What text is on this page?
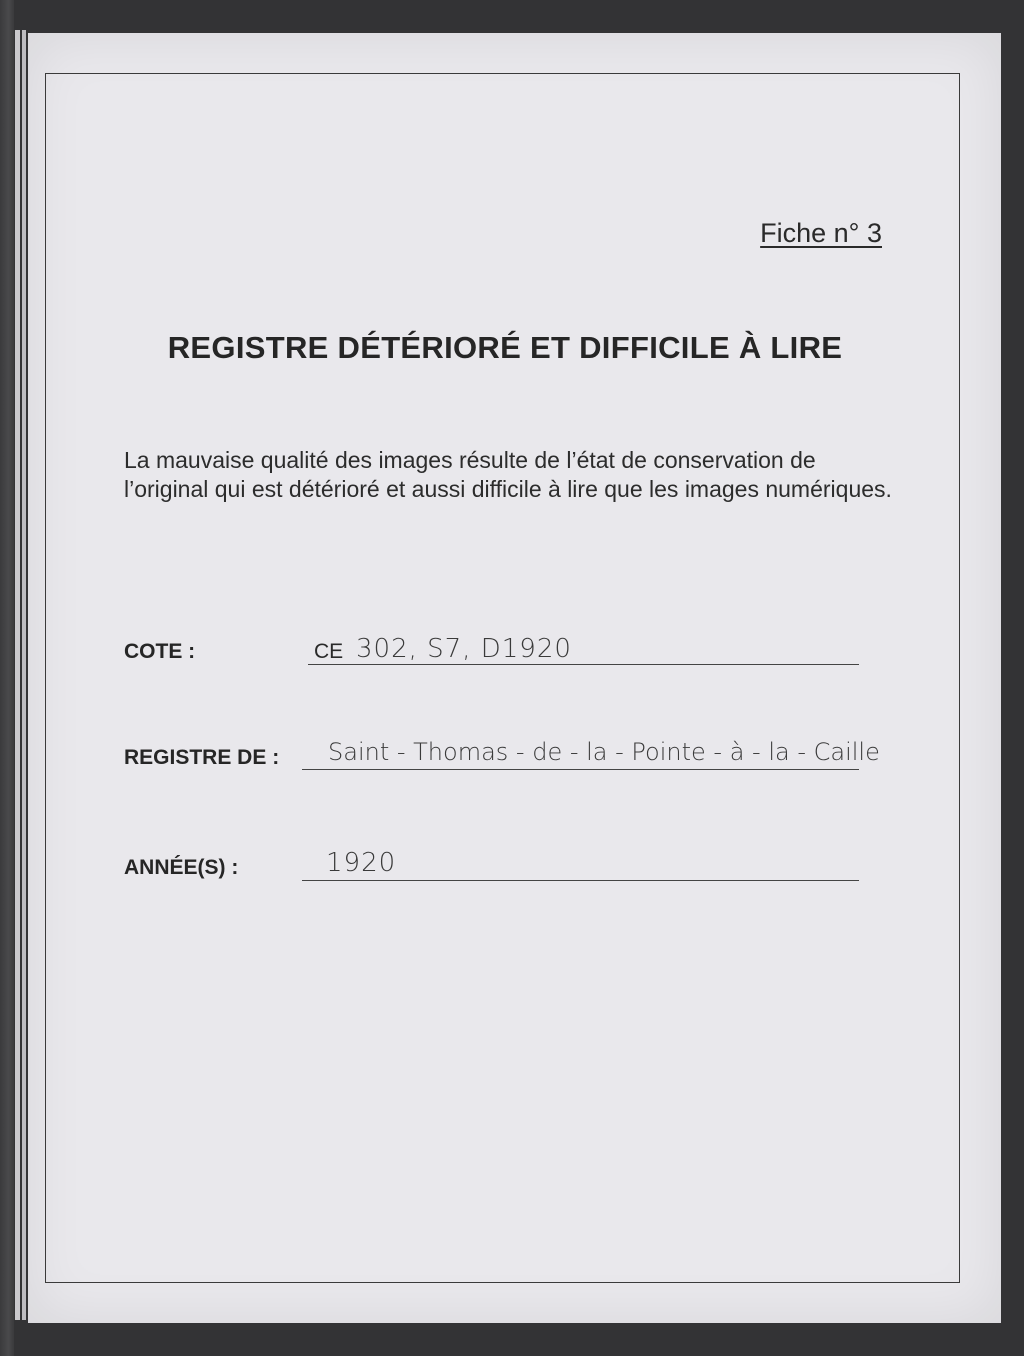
Fiche n° 3
REGISTRE DÉTÉRIORÉ ET DIFFICILE À LIRE
La mauvaise qualité des images résulte de l’état de conservation de l’original qui est détérioré et aussi difficile à lire que les images numériques.
COTE :	CE 302, S7, D1920
REGISTRE DE : Saint - Thomas - de - la - Pointe - à - la - Caille
ANNÉE(S) :	1920
